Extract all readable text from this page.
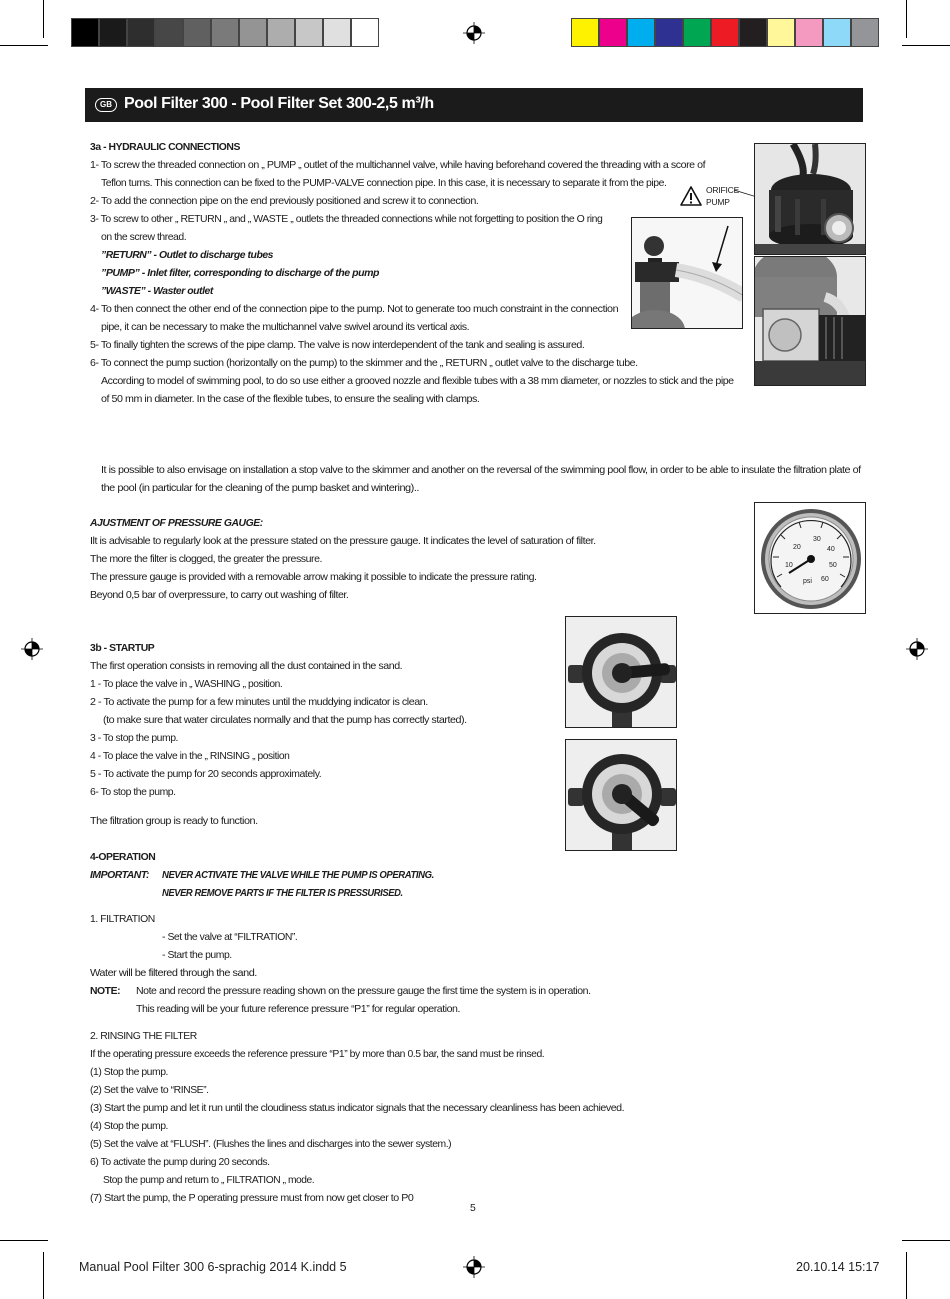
GB Pool Filter 300 - Pool Filter Set 300-2,5 m³/h
3a - HYDRAULIC CONNECTIONS
1- To screw the threaded connection on „ PUMP „ outlet of the multichannel valve, while having beforehand covered the threading with a score of
Teflon turns. This connection can be fixed to the PUMP-VALVE connection pipe. In this case, it is necessary to separate it from the pipe.
2- To add the connection pipe on the end previously positioned and screw it to connection.
3- To screw to other „ RETURN „ and „ WASTE „ outlets the threaded connections while not forgetting to position the O ring
on the screw thread.
”RETURN” - Outlet to discharge tubes
”PUMP” - Inlet filter, corresponding to discharge of the pump
”WASTE” - Waster outlet
4- To then connect the other end of the connection pipe to the pump. Not to generate too much constraint in the connection
pipe, it can be necessary to make the multichannel valve swivel around its vertical axis.
5- To finally tighten the screws of the pipe clamp. The valve is now interdependent of the tank and sealing is assured.
6- To connect the pump suction (horizontally on the pump) to the skimmer and the „ RETURN „ outlet valve to the discharge tube.
According to model of swimming pool, to do so use either a grooved nozzle and flexible tubes with a 38 mm diameter, or nozzles to stick and the pipe
of 50 mm in diameter. In the case of the flexible tubes, to ensure the sealing with clamps.
It is possible to also envisage on installation a stop valve to the skimmer and another on the reversal of the swimming pool flow, in order to be able to insulate the filtration plate of
the pool (in particular for the cleaning of the pump basket and wintering)..
ORIFICE
PUMP
AJUSTMENT OF PRESSURE GAUGE:
Ilt is advisable to regularly look at the pressure stated on the pressure gauge. It indicates the level of saturation of filter.
The more the filter is clogged, the greater the pressure.
The pressure gauge is provided with a removable arrow making it possible to indicate the pressure rating.
Beyond 0,5 bar of overpressure, to carry out washing of filter.
10
20
30
40
50
60
psi
3b - STARTUP
The first operation consists in removing all the dust contained in the sand.
1 - To place the valve in „ WASHING „ position.
2 - To activate the pump for a few minutes until the muddying indicator is clean.
(to make sure that water circulates normally and that the pump has correctly started).
3 - To stop the pump.
4 - To place the valve in the „ RINSING „ position
5 - To activate the pump for 20 seconds approximately.
6- To stop the pump.
The filtration group is ready to function.
4-OPERATION
IMPORTANT: NEVER ACTIVATE THE VALVE WHILE THE PUMP IS OPERATING.
NEVER REMOVE PARTS IF THE FILTER IS PRESSURISED.
1. FILTRATION
- Set the valve at “FILTRATION”.
- Start the pump.
Water will be filtered through the sand.
NOTE: Note and record the pressure reading shown on the pressure gauge the first time the system is in operation.
This reading will be your future reference pressure “P1” for regular operation.
2. RINSING THE FILTER
If the operating pressure exceeds the reference pressure “P1” by more than 0.5 bar, the sand must be rinsed.
(1) Stop the pump.
(2) Set the valve to “RINSE”.
(3) Start the pump and let it run until the cloudiness status indicator signals that the necessary cleanliness has been achieved.
(4) Stop the pump.
(5) Set the valve at “FLUSH”. (Flushes the lines and discharges into the sewer system.)
6) To activate the pump during 20 seconds.
Stop the pump and return to „ FILTRATION „ mode.
(7) Start the pump, the P operating pressure must from now get closer to P0
5
Manual Pool Filter 300 6-sprachig 2014 K.indd 5	20.10.14 15:17
